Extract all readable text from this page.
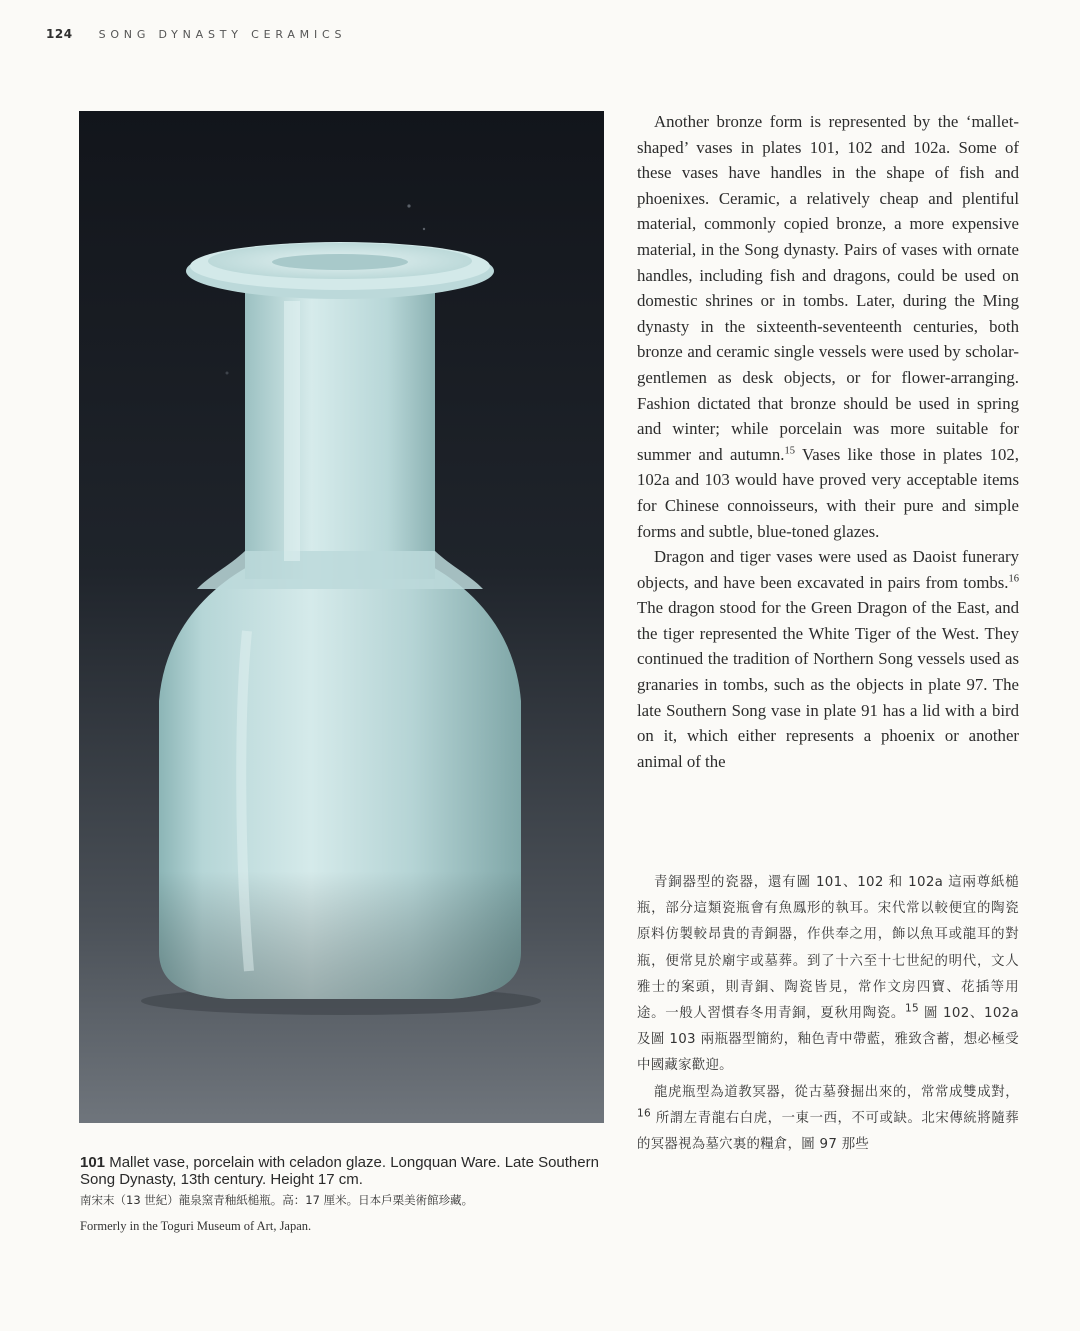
124 SONG DYNASTY CERAMICS

101 Mallet vase, porcelain with celadon glaze. Longquan Ware. Late Southern Song Dynasty, 13th century. Height 17 cm.

南宋末（13 世紀）龍泉窯青釉紙槌瓶。高：17 厘米。日本戶栗美術館珍藏。

Formerly in the Toguri Museum of Art, Japan.

Another bronze form is represented by the ‘mallet-shaped’ vases in plates 101, 102 and 102a. Some of these vases have handles in the shape of fish and phoenixes. Ceramic, a relatively cheap and plentiful material, commonly copied bronze, a more expensive material, in the Song dynasty. Pairs of vases with ornate handles, including fish and dragons, could be used on domestic shrines or in tombs. Later, during the Ming dynasty in the sixteenth-seventeenth centuries, both bronze and ceramic single vessels were used by scholar-gentlemen as desk objects, or for flower-arranging. Fashion dictated that bronze should be used in spring and winter; while porcelain was more suitable for summer and autumn.$^{15}$ Vases like those in plates 102, 102a and 103 would have proved very acceptable items for Chinese connoisseurs, with their pure and simple forms and subtle, blue-toned glazes.

Dragon and tiger vases were used as Daoist funerary objects, and have been excavated in pairs from tombs.$^{16}$ The dragon stood for the Green Dragon of the East, and the tiger represented the White Tiger of the West. They continued the tradition of Northern Song vessels used as granaries in tombs, such as the objects in plate 97. The late Southern Song vase in plate 91 has a lid with a bird on it, which either represents a phoenix or another animal of the

青銅器型的瓷器，還有圖 101、102 和 102a 這兩尊紙槌瓶，部分這類瓷瓶會有魚鳳形的執耳。宋代常以較便宜的陶瓷原料仿製較昂貴的青銅器，作供奉之用，飾以魚耳或龍耳的對瓶，便常見於廟宇或墓葬。到了十六至十七世紀的明代，文人雅士的案頭，則青銅、陶瓷皆見，常作文房四寶、花插等用途。一般人習慣春冬用青銅，夏秋用陶瓷。$^{15}$ 圖 102、102a 及圖 103 兩瓶器型簡約，釉色青中帶藍，雅致含蓄，想必極受中國藏家歡迎。

龍虎瓶型為道教冥器，從古墓發掘出來的，常常成雙成對，$^{16}$ 所謂左青龍右白虎，一東一西，不可或缺。北宋傳統將隨葬的冥器視為墓穴裏的糧倉，圖 97 那些
